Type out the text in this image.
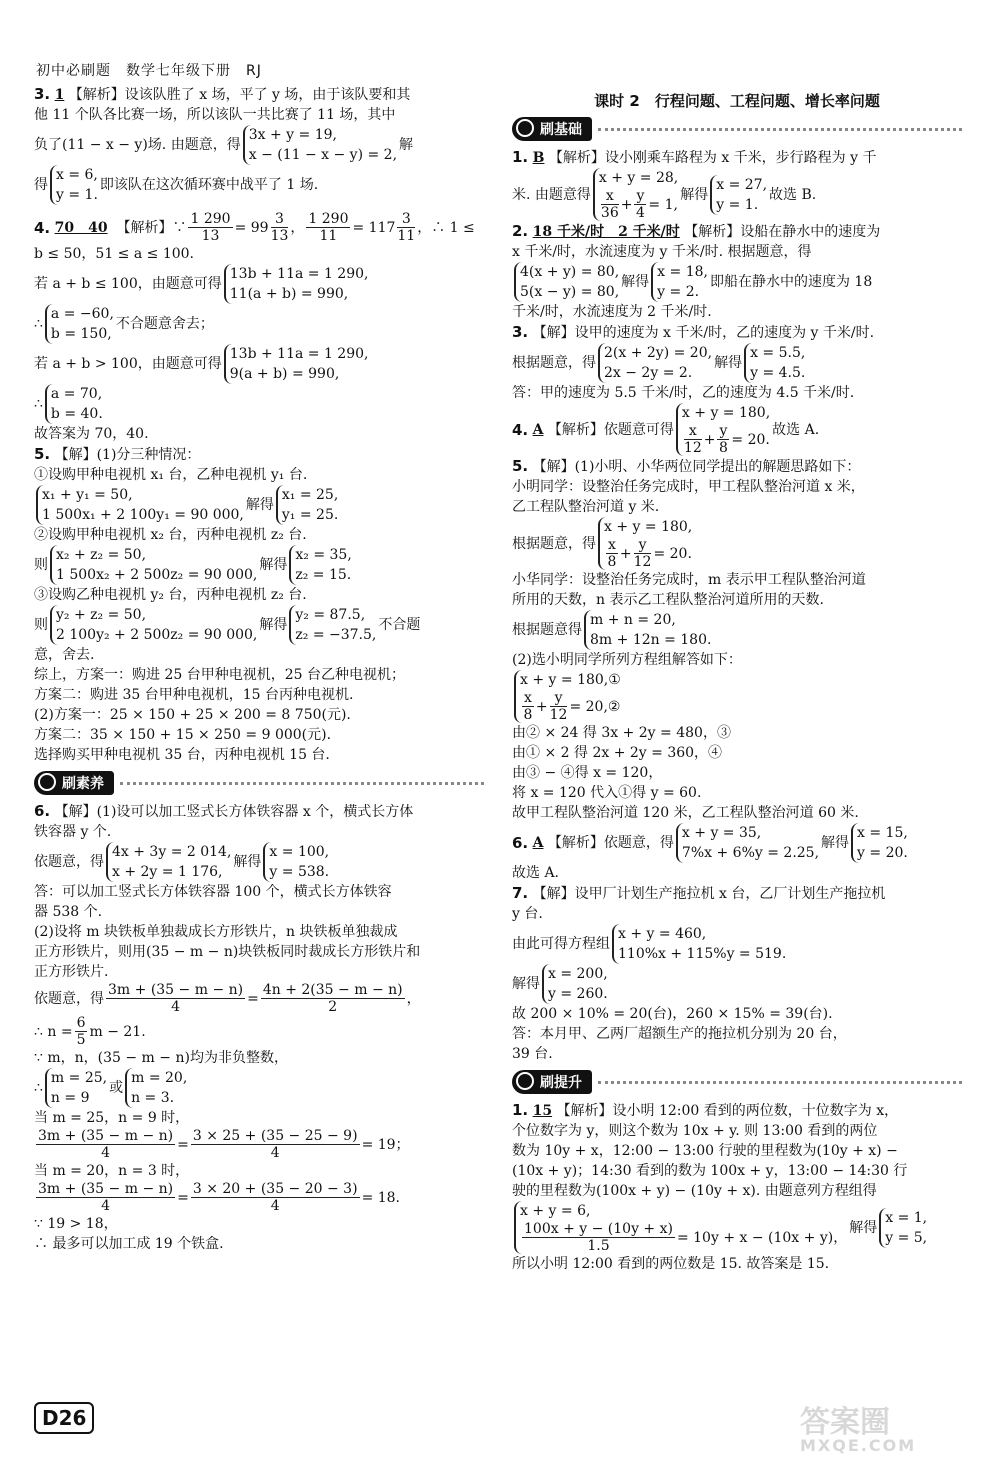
初中必刷题　数学七年级下册　RJ
3. 1 【解析】设该队胜了 x 场，平了 y 场，由于该队要和其
他 11 个队各比赛一场，所以该队一共比赛了 11 场，其中
负了(11 − x − y)场. 由题意，得
3x + y = 19,
x − (11 − x − y) = 2,
解
得
x = 6,
y = 1.
即该队在这次循环赛中战平了 1 场.
4.
70　40
【解析】∵ $\frac{1 290}{13} = 99 \frac{3}{13}$ ， $\frac{1 290}{11} = 117 \frac{3}{11}$ ，∴ 1 ≤
b ≤ 50，51 ≤ a ≤ 100.
若 a + b ≤ 100，由题意可得
13b + 11a = 1 290,
11(a + b) = 990,
∴
a = −60,
b = 150,
不合题意舍去；
若 a + b > 100，由题意可得
13b + 11a = 1 290,
9(a + b) = 990,
∴
a = 70,
b = 40.
故答案为 70，40.
5. 【解】(1)分三种情况：
①设购甲种电视机 x₁ 台，乙种电视机 y₁ 台.
x₁ + y₁ = 50,
1 500x₁ + 2 100y₁ = 90 000,
解得
x₁ = 25,
y₁ = 25.
②设购甲种电视机 x₂ 台，丙种电视机 z₂ 台.
则
x₂ + z₂ = 50,
1 500x₂ + 2 500z₂ = 90 000,
解得
x₂ = 35,
z₂ = 15.
③设购乙种电视机 y₂ 台，丙种电视机 z₂ 台.
则
y₂ + z₂ = 50,
2 100y₂ + 2 500z₂ = 90 000,
解得
y₂ = 87.5,
z₂ = −37.5,
不合题
意，舍去.
综上，方案一：购进 25 台甲种电视机，25 台乙种电视机；
方案二：购进 35 台甲种电视机，15 台丙种电视机.
(2)方案一：25 × 150 + 25 × 200 = 8 750(元).
方案二：35 × 150 + 15 × 250 = 9 000(元).
选择购买甲种电视机 35 台，丙种电视机 15 台.
刷素养
6. 【解】(1)设可以加工竖式长方体铁容器 x 个，横式长方体
铁容器 y 个.
依题意，得
4x + 3y = 2 014,
x + 2y = 1 176,
解得
x = 100,
y = 538.
答：可以加工竖式长方体铁容器 100 个，横式长方体铁容
器 538 个.
(2)设将 m 块铁板单独裁成长方形铁片，n 块铁板单独裁成
正方形铁片，则用(35 − m − n)块铁板同时裁成长方形铁片和
正方形铁片.
依题意，得 $\frac{3m + (35 - m - n)}{4} = \frac{4n + 2(35 - m - n)}{2}$ ，
∴ $n = \frac{6}{5}$ m − 21.
∵ m，n，(35 − m − n)均为非负整数，
∴
m = 25,
n = 9
或
m = 20,
n = 3.
当 m = 25，n = 9 时，
$\frac{3m + (35 - m - n)}{4} = \frac{3 \times 25 + (35 - 25 - 9)}{4} = 19$；
当 m = 20，n = 3 时，
$\frac{3m + (35 - m - n)}{4} = \frac{3 \times 20 + (35 - 20 - 3)}{4} = 18$.
∵ 19 > 18，
∴ 最多可以加工成 19 个铁盒.
课时 2　行程问题、工程问题、增长率问题
刷基础
1. B 【解析】设小刚乘车路程为 x 千米，步行路程为 y 千
米. 由题意得
x + y = 28,
$\frac{x}{36} + \frac{y}{4} = 1$,
解得
x = 27,
y = 1.
故选 B.
2. 18 千米/时　2 千米/时 【解析】设船在静水中的速度为
x 千米/时，水流速度为 y 千米/时. 根据题意，得
4(x + y) = 80,
5(x − y) = 80,
解得
x = 18,
y = 2.
即船在静水中的速度为 18
千米/时，水流速度为 2 千米/时.
3. 【解】设甲的速度为 x 千米/时，乙的速度为 y 千米/时.
根据题意，得
2(x + 2y) = 20,
2x − 2y = 2.
解得
x = 5.5,
y = 4.5.
答：甲的速度为 5.5 千米/时，乙的速度为 4.5 千米/时.
4.
A
【解析】依题意可得
x + y = 180,
$\frac{x}{12} + \frac{y}{8} = 20$.
故选 A.
5. 【解】(1)小明、小华两位同学提出的解题思路如下：
小明同学：设整治任务完成时，甲工程队整治河道 x 米，
乙工程队整治河道 y 米.
根据题意，得
x + y = 180,
$\frac{x}{8} + \frac{y}{12} = 20$.
小华同学：设整治任务完成时，m 表示甲工程队整治河道
所用的天数，n 表示乙工程队整治河道所用的天数.
根据题意得
m + n = 20,
8m + 12n = 180.
(2)选小明同学所列方程组解答如下：
x + y = 180,①
$\frac{x}{8} + \frac{y}{12}$ = 20,②
由② × 24 得 3x + 2y = 480，③
由① × 2 得 2x + 2y = 360，④
由③ − ④得 x = 120，
将 x = 120 代入①得 y = 60.
故甲工程队整治河道 120 米，乙工程队整治河道 60 米.
6.
A
【解析】依题意，得
x + y = 35,
7%x + 6%y = 2.25,
解得
x = 15,
y = 20.
故选 A.
7. 【解】设甲厂计划生产拖拉机 x 台，乙厂计划生产拖拉机
y 台.
由此可得方程组
x + y = 460,
110%x + 115%y = 519.
解得
x = 200,
y = 260.
故 200 × 10% = 20(台)，260 × 15% = 39(台).
答：本月甲、乙两厂超额生产的拖拉机分别为 20 台，
39 台.
刷提升
1. 15 【解析】设小明 12:00 看到的两位数，十位数字为 x，
个位数字为 y，则这个数为 10x + y. 则 13:00 看到的两位
数为 10y + x，12:00 − 13:00 行驶的里程数为(10y + x) −
(10x + y)；14:30 看到的数为 100x + y，13:00 − 14:30 行
驶的里程数为(100x + y) − (10y + x). 由题意列方程组得
x + y = 6,
$\frac{100x + y - (10y + x)}{1.5} = 10y + x - (10x + y)$，
解得
x = 1,
y = 5,
所以小明 12:00 看到的两位数是 15. 故答案是 15.
D26	答案圈
MXQE.COM
